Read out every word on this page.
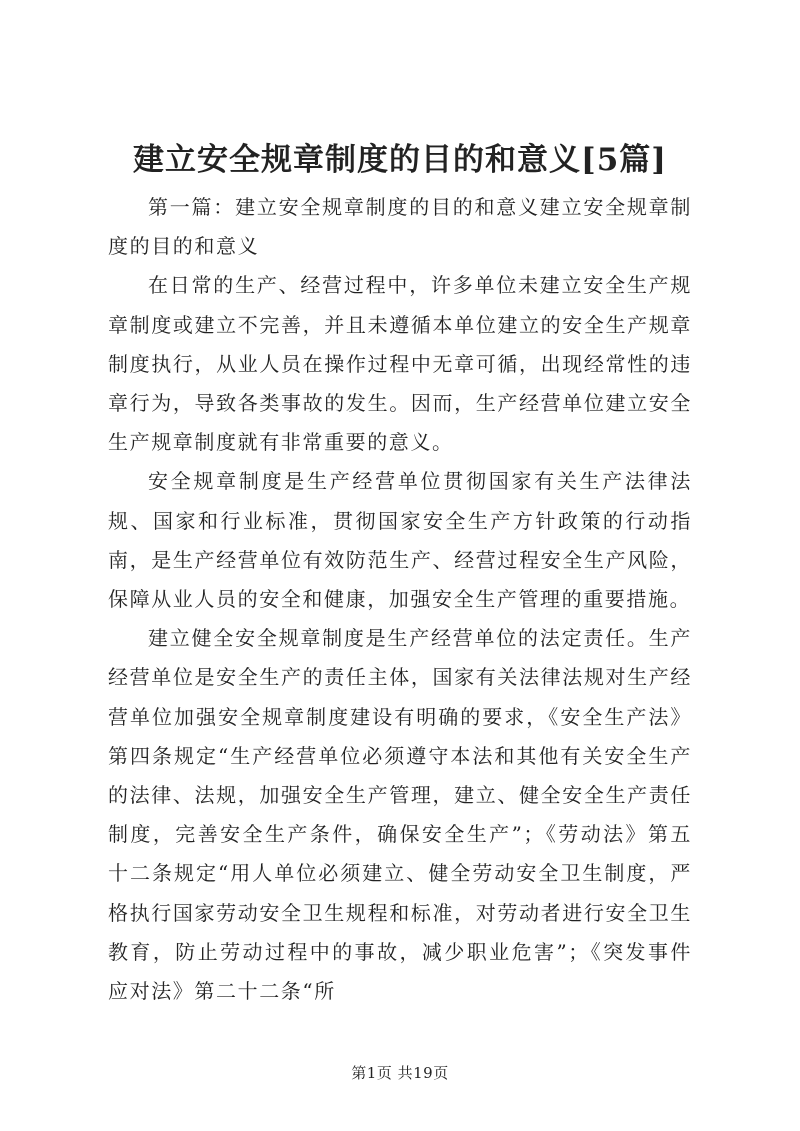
建立安全规章制度的目的和意义[5篇]

第一篇：建立安全规章制度的目的和意义建立安全规章制度的目的和意义

在日常的生产、经营过程中，许多单位未建立安全生产规章制度或建立不完善，并且未遵循本单位建立的安全生产规章制度执行，从业人员在操作过程中无章可循，出现经常性的违章行为，导致各类事故的发生。因而，生产经营单位建立安全生产规章制度就有非常重要的意义。

安全规章制度是生产经营单位贯彻国家有关生产法律法规、国家和行业标准，贯彻国家安全生产方针政策的行动指南，是生产经营单位有效防范生产、经营过程安全生产风险，保障从业人员的安全和健康，加强安全生产管理的重要措施。

建立健全安全规章制度是生产经营单位的法定责任。生产经营单位是安全生产的责任主体，国家有关法律法规对生产经营单位加强安全规章制度建设有明确的要求，《安全生产法》第四条规定“生产经营单位必须遵守本法和其他有关安全生产的法律、法规，加强安全生产管理，建立、健全安全生产责任制度，完善安全生产条件，确保安全生产”；《劳动法》第五十二条规定“用人单位必须建立、健全劳动安全卫生制度，严格执行国家劳动安全卫生规程和标准，对劳动者进行安全卫生教育，防止劳动过程中的事故，减少职业危害”；《突发事件应对法》第二十二条“所

第1页 共19页
